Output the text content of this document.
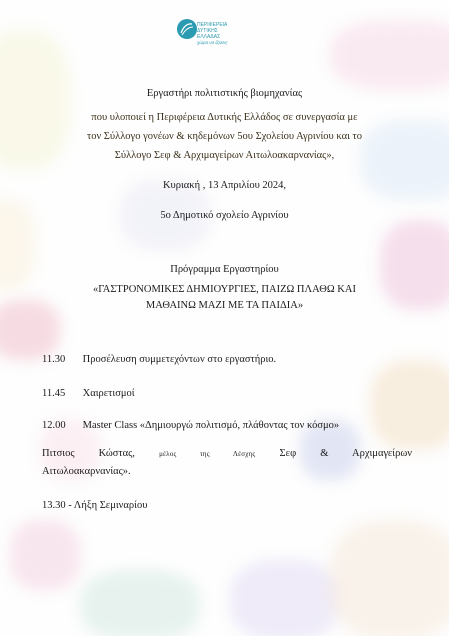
ΠΕΡΙΦΕΡΕΙΑ
ΔΥΤΙΚΗΣ
ΕΛΛΑΔΑΣ
χώρα να ζήσεις

Εργαστήρι πολιτιστικής βιομηχανίας

που υλοποιεί η Περιφέρεια Δυτικής Ελλάδος σε συνεργασία με

τον Σύλλογο γονέων & κηδεμόνων 5ου Σχολείου Αγρινίου και το

Σύλλογο Σεφ & Αρχιμαγείρων Αιτωλοακαρνανίας»,

Κυριακή , 13 Απριλίου 2024,

5ο Δημοτικό σχολείο Αγρινίου

Πρόγραμμα Εργαστηρίου

«ΓΑΣΤΡΟΝΟΜΙΚΕΣ ΔΗΜΙΟΥΡΓΙΕΣ, ΠΑΙΖΩ ΠΛΑΘΩ ΚΑΙ

ΜΑΘΑΙΝΩ ΜΑΖΙ ΜΕ ΤΑ ΠΑΙΔΙΑ»

11.30 Προσέλευση συμμετεχόντων στο εργαστήριο.
11.45 Χαιρετισμοί
12.00 Master Class «Δημιουργώ πολιτισμό, πλάθοντας τον κόσμο»
Πιτσιος Κώστας,	μέλος της Λέσχης Σεφ & Αρχιμαγείρων
Αιτωλοακαρνανίας».
13.30 - Λήξη Σεμιναρίου
